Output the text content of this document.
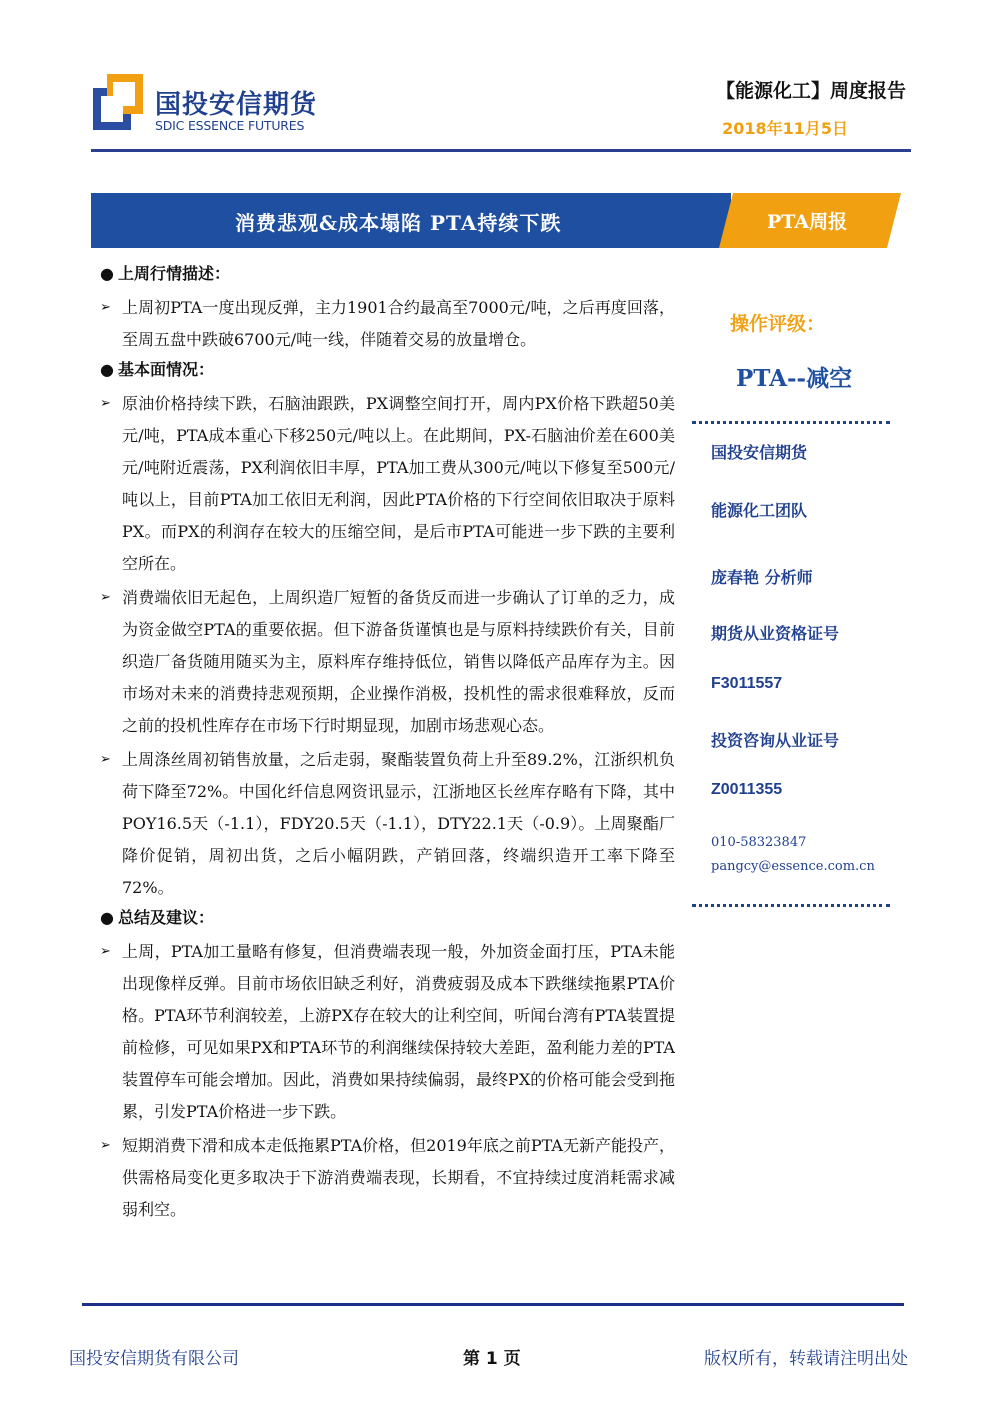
国投安信期货
SDIC ESSENCE FUTURES
【能源化工】周度报告
2018年11月5日
消费悲观&成本塌陷 PTA持续下跌	PTA周报
● 上周行情描述：
➢ 上周初PTA一度出现反弹，主力1901合约最高至7000元/吨，之后再度回落，至周五盘中跌破6700元/吨一线，伴随着交易的放量增仓。
● 基本面情况：
➢ 原油价格持续下跌，石脑油跟跌，PX调整空间打开，周内PX价格下跌超50美元/吨，PTA成本重心下移250元/吨以上。在此期间，PX-石脑油价差在600美元/吨附近震荡，PX利润依旧丰厚，PTA加工费从300元/吨以下修复至500元/吨以上，目前PTA加工依旧无利润，因此PTA价格的下行空间依旧取决于原料PX。而PX的利润存在较大的压缩空间，是后市PTA可能进一步下跌的主要利空所在。
➢ 消费端依旧无起色，上周织造厂短暂的备货反而进一步确认了订单的乏力，成为资金做空PTA的重要依据。但下游备货谨慎也是与原料持续跌价有关，目前织造厂备货随用随买为主，原料库存维持低位，销售以降低产品库存为主。因市场对未来的消费持悲观预期，企业操作消极，投机性的需求很难释放，反而之前的投机性库存在市场下行时期显现，加剧市场悲观心态。
➢ 上周涤丝周初销售放量，之后走弱，聚酯装置负荷上升至89.2%，江浙织机负荷下降至72%。中国化纤信息网资讯显示，江浙地区长丝库存略有下降，其中POY16.5天（-1.1），FDY20.5天（-1.1），DTY22.1天（-0.9）。上周聚酯厂降价促销，周初出货，之后小幅阴跌，产销回落，终端织造开工率下降至72%。
● 总结及建议：
➢ 上周，PTA加工量略有修复，但消费端表现一般，外加资金面打压，PTA未能出现像样反弹。目前市场依旧缺乏利好，消费疲弱及成本下跌继续拖累PTA价格。PTA环节利润较差，上游PX存在较大的让利空间，听闻台湾有PTA装置提前检修，可见如果PX和PTA环节的利润继续保持较大差距，盈利能力差的PTA装置停车可能会增加。因此，消费如果持续偏弱，最终PX的价格可能会受到拖累，引发PTA价格进一步下跌。
➢ 短期消费下滑和成本走低拖累PTA价格，但2019年底之前PTA无新产能投产，供需格局变化更多取决于下游消费端表现，长期看，不宜持续过度消耗需求减弱利空。
操作评级：
PTA--减空
国投安信期货
能源化工团队
庞春艳 分析师
期货从业资格证号
F3011557
投资咨询从业证号
Z0011355
010-58323847
pangcy@essence.com.cn
国投安信期货有限公司	第 1 页	版权所有，转载请注明出处
